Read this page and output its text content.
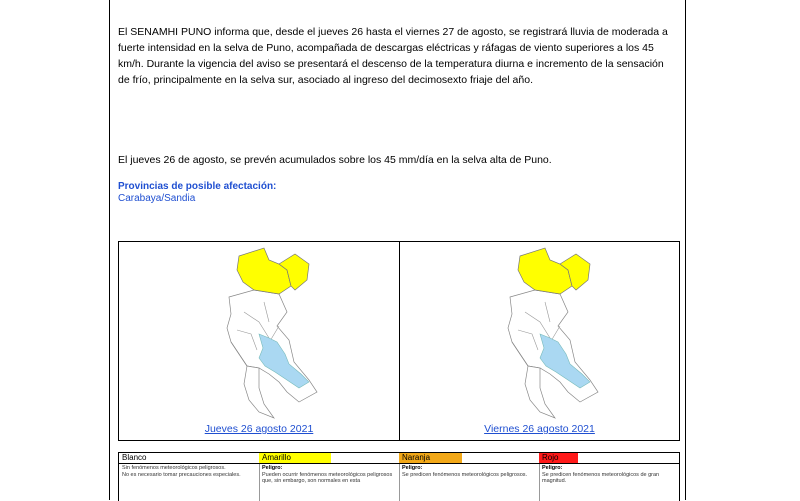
El SENAMHI PUNO informa que, desde el jueves 26 hasta el viernes 27 de agosto, se registrará lluvia de moderada a fuerte intensidad en la selva de Puno, acompañada de descargas eléctricas y ráfagas de viento superiores a los 45 km/h. Durante la vigencia del aviso se presentará el descenso de la temperatura diurna e incremento de la sensación de frío, principalmente en la selva sur, asociado al ingreso del decimosexto friaje del año.
El jueves 26 de agosto, se prevén acumulados sobre los 45 mm/día en la selva alta de Puno.
Provincias de posible afectación:
Carabaya/Sandia
Jueves 26 agosto 2021	Viernes 26 agosto 2021
Blanco
Sin fenómenos meteorológicos peligrosos.
No es necesario tomar precauciones especiales.
Amarillo
Peligro:
Pueden ocurrir fenómenos meteorológicos peligrosos que, sin embargo, son normales en esta
Naranja
Peligro:
Se predicen fenómenos meteorológicos peligrosos.
Rojo
Peligro:
Se predicen fenómenos meteorológicos de gran magnitud.
